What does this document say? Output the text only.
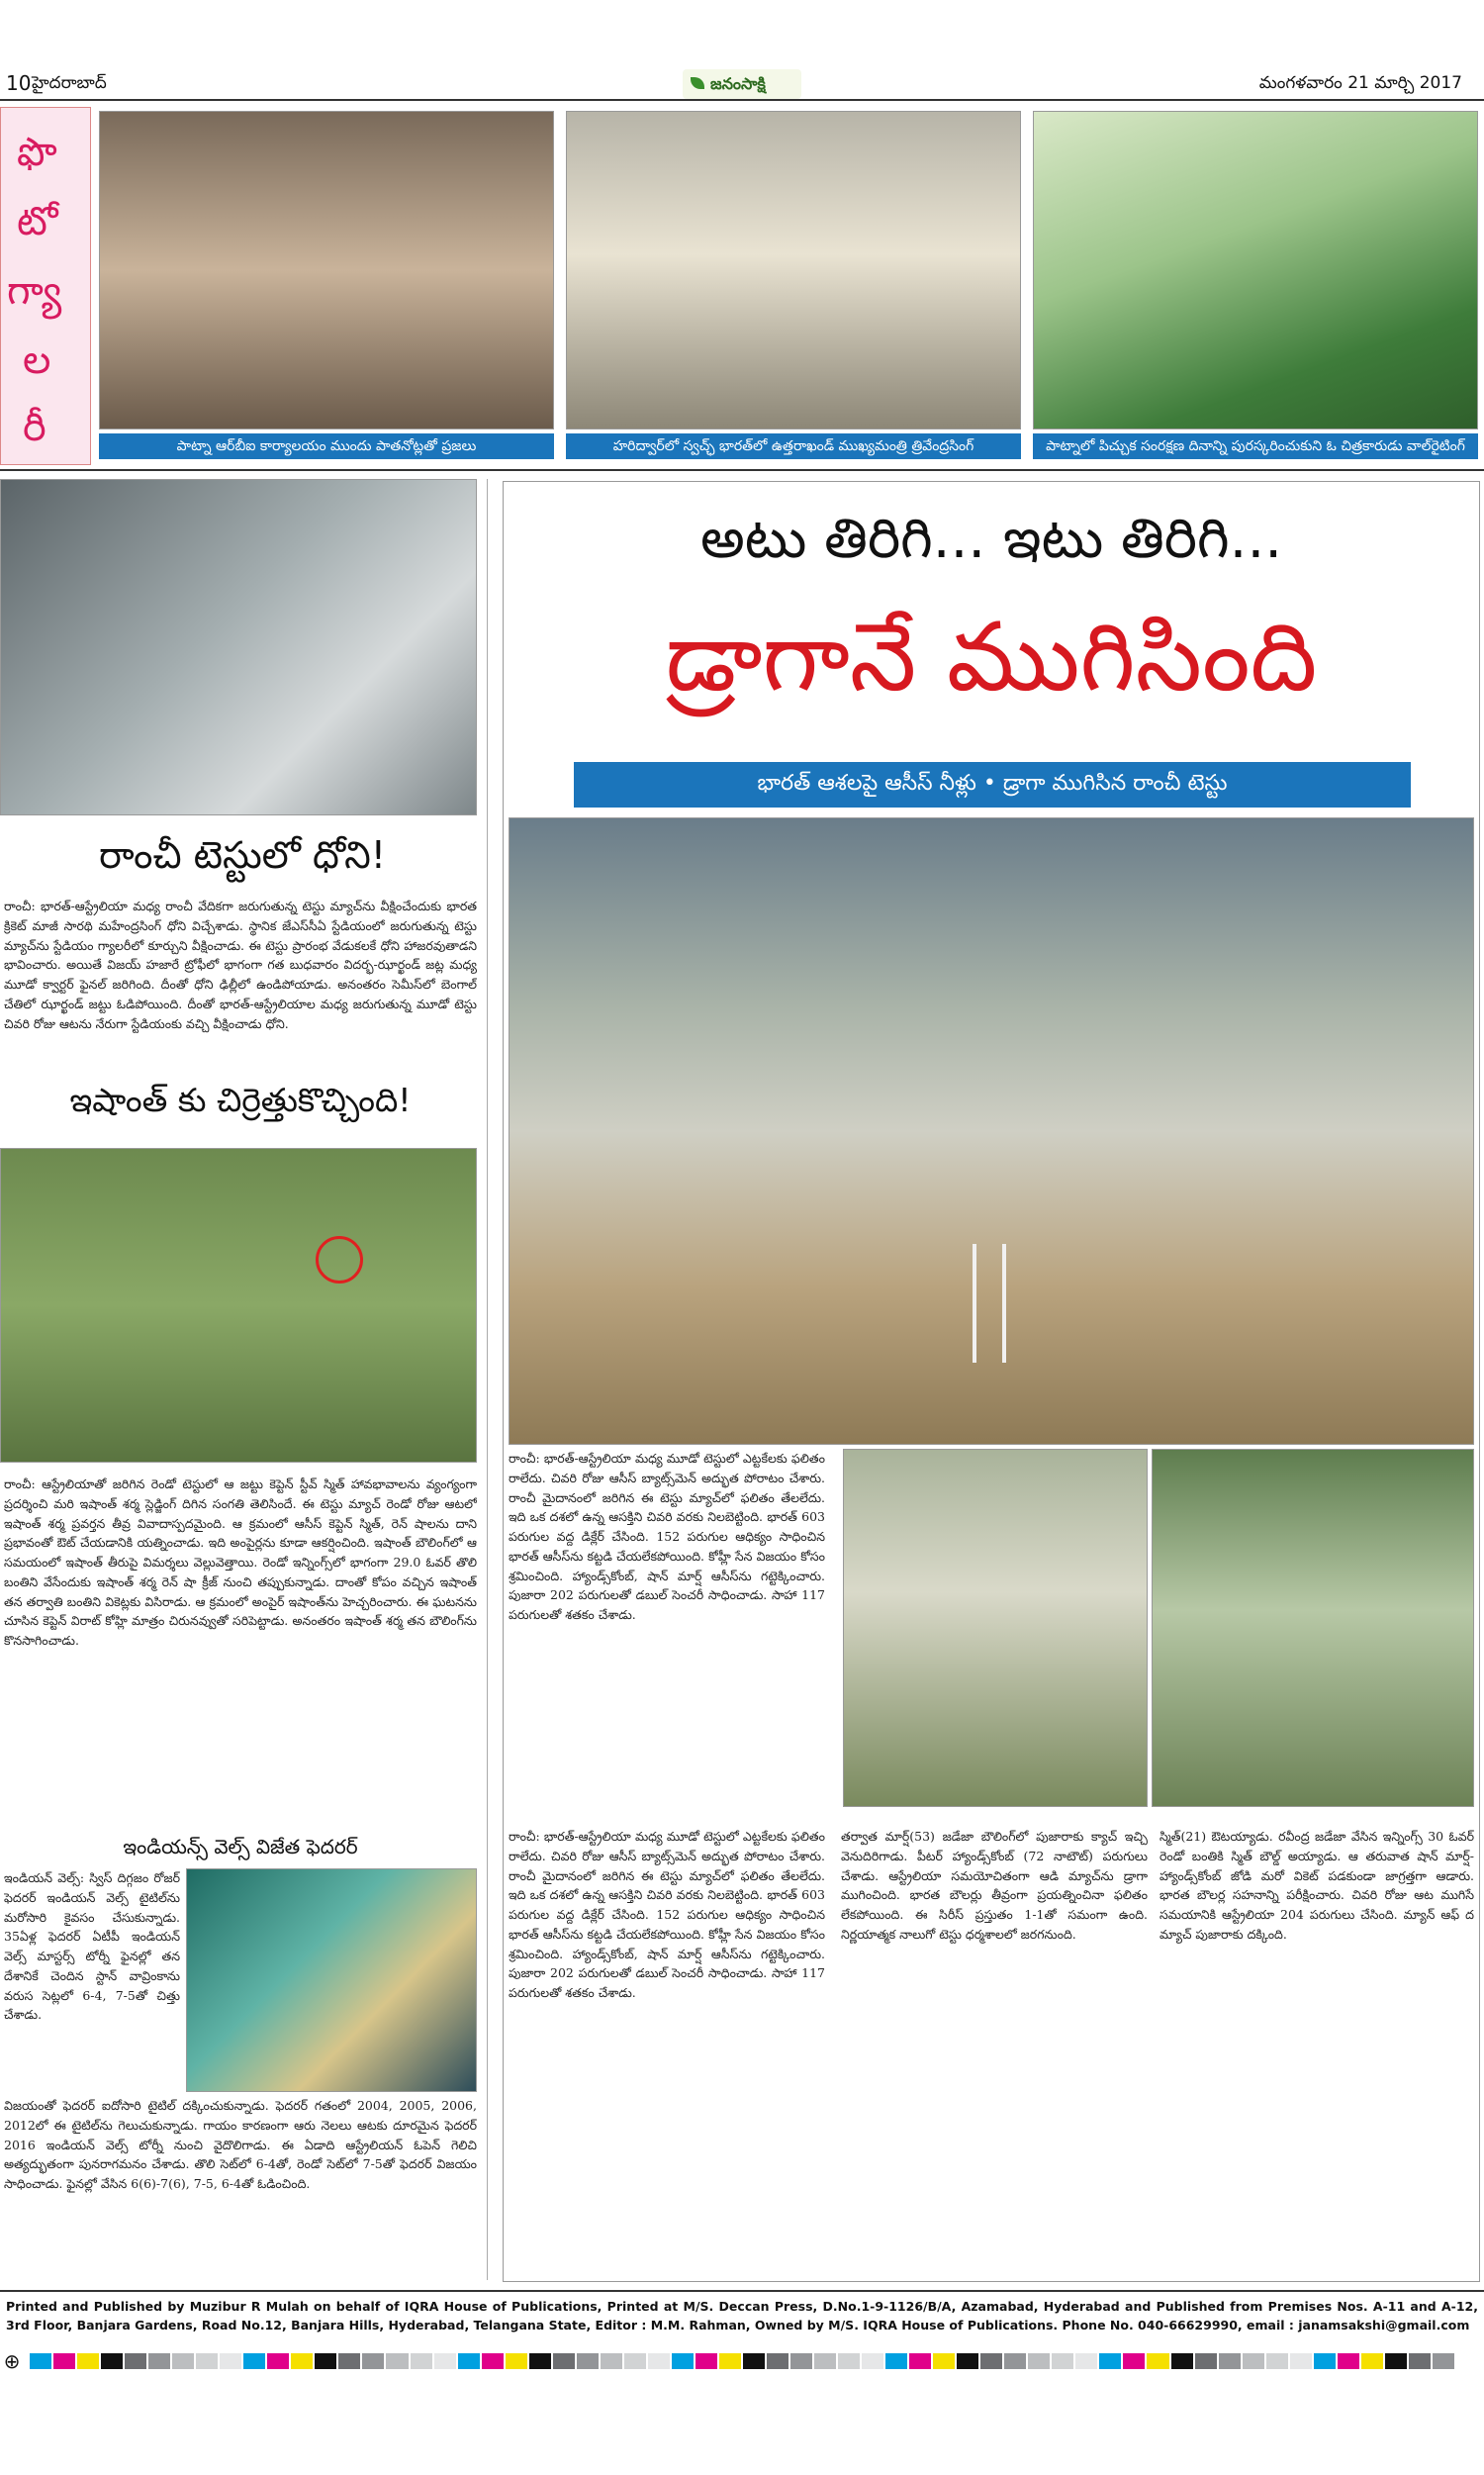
10 హైదరాబాద్	జనంసాక్షి	మంగళవారం 21 మార్చి 2017
ఫొ
టో
గ్యా
ల
రీ	పాట్నా ఆర్‌బీఐ కార్యాలయం ముందు పాతనోట్లతో ప్రజలు	హరిద్వార్‌లో స్వచ్ఛ్ భారత్‌లో ఉత్తరాఖండ్ ముఖ్యమంత్రి త్రివేంద్రసింగ్	పాట్నాలో పిచ్చుక సంరక్షణ దినాన్ని పురస్కరించుకుని ఓ చిత్రకారుడు వాల్‌రైటింగ్
రాంచీ టెస్టులో ధోని!
రాంచీ: భారత్-ఆస్ట్రేలియా మధ్య రాంచీ వేదికగా జరుగుతున్న టెస్టు మ్యాచ్‌ను వీక్షించేందుకు భారత క్రికెట్ మాజీ సారథి మహేంద్రసింగ్ ధోని విచ్చేశాడు. స్థానిక జేఎస్‌సీఏ స్టేడియంలో జరుగుతున్న టెస్టు మ్యాచ్‌ను స్టేడియం గ్యాలరీలో కూర్చుని వీక్షించాడు. ఈ టెస్టు ప్రారంభ వేడుకలకే ధోని హాజరవుతాడని భావించారు. అయితే విజయ్ హజారే ట్రోఫీలో భాగంగా గత బుధవారం విదర్భ-ఝార్ఖండ్ జట్ల మధ్య మూడో క్వార్టర్ ఫైనల్ జరిగింది. దీంతో ధోని ఢిల్లీలో ఉండిపోయాడు. అనంతరం సెమీస్‌లో బెంగాల్ చేతిలో ఝార్ఖండ్ జట్టు ఓడిపోయింది. దీంతో భారత్-ఆస్ట్రేలియాల మధ్య జరుగుతున్న మూడో టెస్టు చివరి రోజు ఆటను నేరుగా స్టేడియంకు వచ్చి వీక్షించాడు ధోని.
ఇషాంత్ కు చిర్రెత్తుకొచ్చింది!
రాంచీ: ఆస్ట్రేలియాతో జరిగిన రెండో టెస్టులో ఆ జట్టు కెప్టెన్ స్టీవ్ స్మిత్ హావభావాలను వ్యంగ్యంగా ప్రదర్శించి మరి ఇషాంత్ శర్మ స్లెడ్జింగ్ దిగిన సంగతి తెలిసిందే. ఈ టెస్టు మ్యాచ్ రెండో రోజు ఆటలో ఇషాంత్ శర్మ ప్రవర్తన తీవ్ర వివాదాస్పదమైంది. ఆ క్రమంలో ఆసీస్ కెప్టెన్ స్మిత్, రెన్ షాలను దాని ప్రభావంతో ఔట్ చేయడానికి యత్నించాడు. ఇది అంపైర్లను కూడా ఆకర్షించింది. ఇషాంత్ బౌలింగ్‌లో ఆ సమయంలో ఇషాంత్ తీరుపై విమర్శలు వెల్లువెత్తాయి. రెండో ఇన్నింగ్స్‌లో భాగంగా 29.0 ఓవర్ తొలి బంతిని వేసేందుకు ఇషాంత్ శర్మ రెన్ షా క్రీజ్ నుంచి తప్పుకున్నాడు. దాంతో కోపం వచ్చిన ఇషాంత్ తన తర్వాతి బంతిని వికెట్లకు విసిరాడు. ఆ క్రమంలో అంపైర్ ఇషాంత్‌ను హెచ్చరించారు. ఈ ఘటనను చూసిన కెప్టెన్ విరాట్ కోహ్లి మాత్రం చిరునవ్వుతో సరిపెట్టాడు. అనంతరం ఇషాంత్ శర్మ తన బౌలింగ్‌ను కొనసాగించాడు.
ఇండియన్స్ వెల్స్ విజేత ఫెదరర్
ఇండియన్ వెల్స్: స్విస్ దిగ్గజం రోజర్ ఫెదరర్ ఇండియన్ వెల్స్ టైటిల్‌ను మరోసారి కైవసం చేసుకున్నాడు. 35ఏళ్ల ఫెదరర్ ఏటీపీ ఇండియన్ వెల్స్ మాస్టర్స్ టోర్నీ ఫైనల్లో తన దేశానికే చెందిన స్టాన్ వావ్రింకాను వరుస సెట్లలో 6-4, 7-5తో చిత్తు చేశాడు.
విజయంతో ఫెదరర్ ఐదోసారి టైటిల్ దక్కించుకున్నాడు. ఫెదరర్ గతంలో 2004, 2005, 2006, 2012లో ఈ టైటిల్‌ను గెలుచుకున్నాడు. గాయం కారణంగా ఆరు నెలలు ఆటకు దూరమైన ఫెదరర్ 2016 ఇండియన్ వెల్స్ టోర్నీ నుంచి వైదొలిగాడు. ఈ ఏడాది ఆస్ట్రేలియన్ ఓపెన్ గెలిచి అత్యద్భుతంగా పునరాగమనం చేశాడు. తొలి సెట్‌లో 6-4తో, రెండో సెట్‌లో 7-5తో ఫెదరర్ విజయం సాధించాడు. ఫైనల్లో వేసిన 6(6)-7(6), 7-5, 6-4తో ఓడించింది.
అటు తిరిగి... ఇటు తిరిగి...
డ్రాగానే ముగిసింది
భారత్ ఆశలపై ఆసీస్ నీళ్లు • డ్రాగా ముగిసిన రాంచీ టెస్టు
రాంచీ: భారత్-ఆస్ట్రేలియా మధ్య మూడో టెస్టులో ఎట్టకేలకు ఫలితం రాలేదు. చివరి రోజు ఆసీస్ బ్యాట్స్‌మెన్ అద్భుత పోరాటం చేశారు. రాంచీ మైదానంలో జరిగిన ఈ టెస్టు మ్యాచ్‌లో ఫలితం తేలలేదు. ఇది ఒక దశలో ఉన్న ఆసక్తిని చివరి వరకు నిలబెట్టింది. భారత్ 603 పరుగుల వద్ద డిక్లేర్ చేసింది. 152 పరుగుల ఆధిక్యం సాధించిన భారత్ ఆసీస్‌ను కట్టడి చేయలేకపోయింది. కోహ్లీ సేన విజయం కోసం శ్రమించింది. హ్యాండ్స్‌కోంబ్, షాన్ మార్ష్ ఆసీస్‌ను గట్టెక్కించారు. పుజారా 202 పరుగులతో డబుల్ సెంచరీ సాధించాడు. సాహా 117 పరుగులతో శతకం చేశాడు.
రాంచీ: భారత్-ఆస్ట్రేలియా మధ్య మూడో టెస్టులో ఎట్టకేలకు ఫలితం రాలేదు. చివరి రోజు ఆసీస్ బ్యాట్స్‌మెన్ అద్భుత పోరాటం చేశారు. రాంచీ మైదానంలో జరిగిన ఈ టెస్టు మ్యాచ్‌లో ఫలితం తేలలేదు. ఇది ఒక దశలో ఉన్న ఆసక్తిని చివరి వరకు నిలబెట్టింది. భారత్ 603 పరుగుల వద్ద డిక్లేర్ చేసింది. 152 పరుగుల ఆధిక్యం సాధించిన భారత్ ఆసీస్‌ను కట్టడి చేయలేకపోయింది. కోహ్లీ సేన విజయం కోసం శ్రమించింది. హ్యాండ్స్‌కోంబ్, షాన్ మార్ష్ ఆసీస్‌ను గట్టెక్కించారు. పుజారా 202 పరుగులతో డబుల్ సెంచరీ సాధించాడు. సాహా 117 పరుగులతో శతకం చేశాడు.
తర్వాత మార్ష్(53) జడేజా బౌలింగ్‌లో పుజారాకు క్యాచ్ ఇచ్చి వెనుదిరిగాడు. పీటర్ హ్యాండ్స్‌కోంబ్ (72 నాటౌట్) పరుగులు చేశాడు. ఆస్ట్రేలియా సమయోచితంగా ఆడి మ్యాచ్‌ను డ్రాగా ముగించింది. భారత బౌలర్లు తీవ్రంగా ప్రయత్నించినా ఫలితం లేకపోయింది. ఈ సిరీస్ ప్రస్తుతం 1-1తో సమంగా ఉంది. నిర్ణయాత్మక నాలుగో టెస్టు ధర్మశాలలో జరగనుంది.
స్మిత్(21) ఔటయ్యాడు. రవీంద్ర జడేజా వేసిన ఇన్నింగ్స్ 30 ఓవర్ రెండో బంతికి స్మిత్ బౌల్డ్ అయ్యాడు. ఆ తరువాత షాన్ మార్ష్-హ్యాండ్స్‌కోంబ్ జోడి మరో వికెట్ పడకుండా జాగ్రత్తగా ఆడారు. భారత బౌలర్ల సహనాన్ని పరీక్షించారు. చివరి రోజు ఆట ముగిసే సమయానికి ఆస్ట్రేలియా 204 పరుగులు చేసింది. మ్యాన్ ఆఫ్ ద మ్యాచ్ పుజారాకు దక్కింది.
Printed and Published by Muzibur R Mulah on behalf of IQRA House of Publications, Printed at M/S. Deccan Press, D.No.1-9-1126/B/A, Azamabad, Hyderabad and Published from Premises Nos. A-11 and A-12, 3rd Floor, Banjara Gardens, Road No.12, Banjara Hills, Hyderabad, Telangana State, Editor : M.M. Rahman, Owned by M/S. IQRA House of Publications. Phone No. 040-66629990, email : janamsakshi@gmail.com
⊕
